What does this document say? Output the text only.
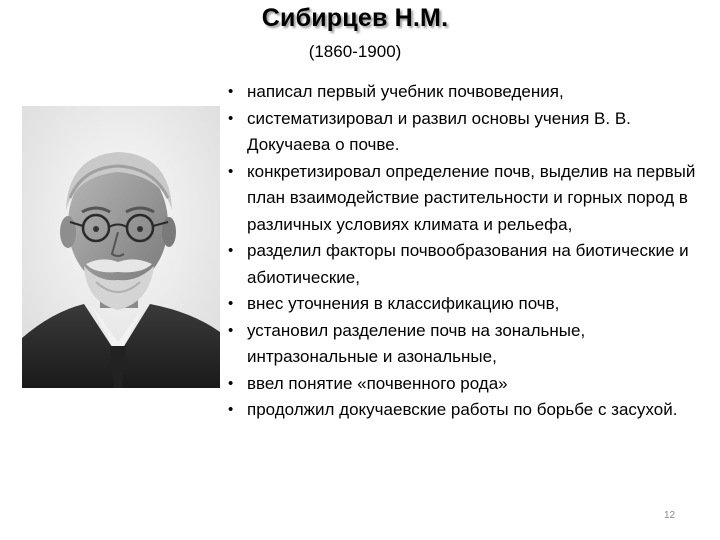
Сибирцев Н.М.
(1860-1900)
• написал первый учебник почвоведения,
• систематизировал и развил основы учения В. В. Докучаева о почве.
• конкретизировал определение почв, выделив на первый план взаимодействие растительности и горных пород в различных условиях климата и рельефа,
• разделил факторы почвообразования на биотические и абиотические,
• внес уточнения в классификацию почв,
• установил разделение почв на зональные, интразональные и азональные,
• ввел понятие «почвенного рода»
• продолжил докучаевские работы по борьбе с засухой.
12
